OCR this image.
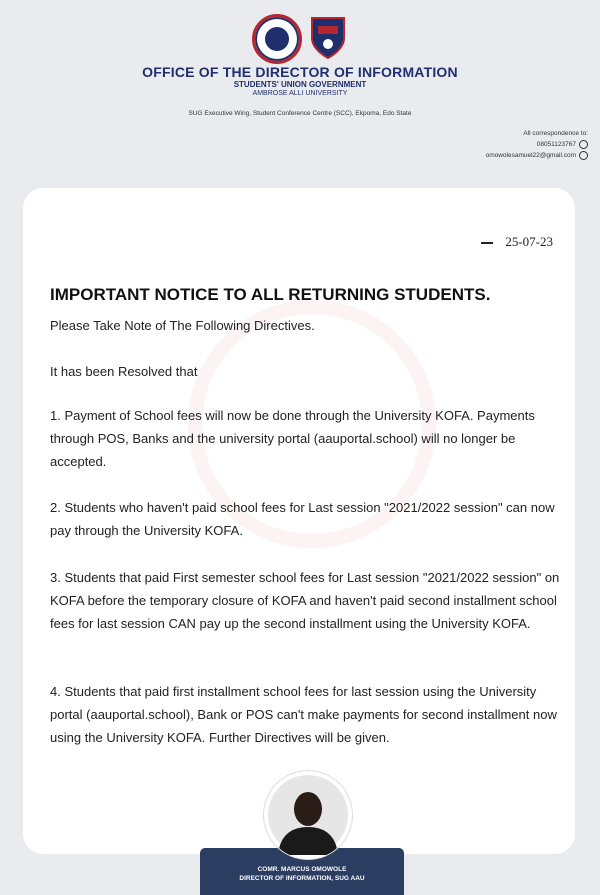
OFFICE OF THE DIRECTOR OF INFORMATION
STUDENTS' UNION GOVERNMENT
AMBROSE ALLI UNIVERSITY
SUG Executive Wing, Student Conference Centre (SCC), Ekpoma, Edo State
All correspondence to:
08051123767
omowolesamuel22@gmail.com
25-07-23
IMPORTANT NOTICE TO ALL RETURNING STUDENTS.
Please Take Note of The Following Directives.
It has been Resolved that
1. Payment of School fees will now be done through the University KOFA. Payments through POS, Banks and the university portal (aauportal.school) will no longer be accepted.
2. Students who haven't paid school fees for Last session "2021/2022 session" can now pay through the University KOFA.
3. Students that paid First semester school fees for Last session "2021/2022 session" on KOFA before the temporary closure of KOFA and haven't paid second installment school fees for last session CAN pay up the second installment using the University KOFA.
4. Students that paid first installment school fees for last session using the University portal (aauportal.school), Bank or POS can't make payments for second installment now using the University KOFA. Further Directives will be given.
COMR. MARCUS OMOWOLE
DIRECTOR OF INFORMATION, SUG AAU
